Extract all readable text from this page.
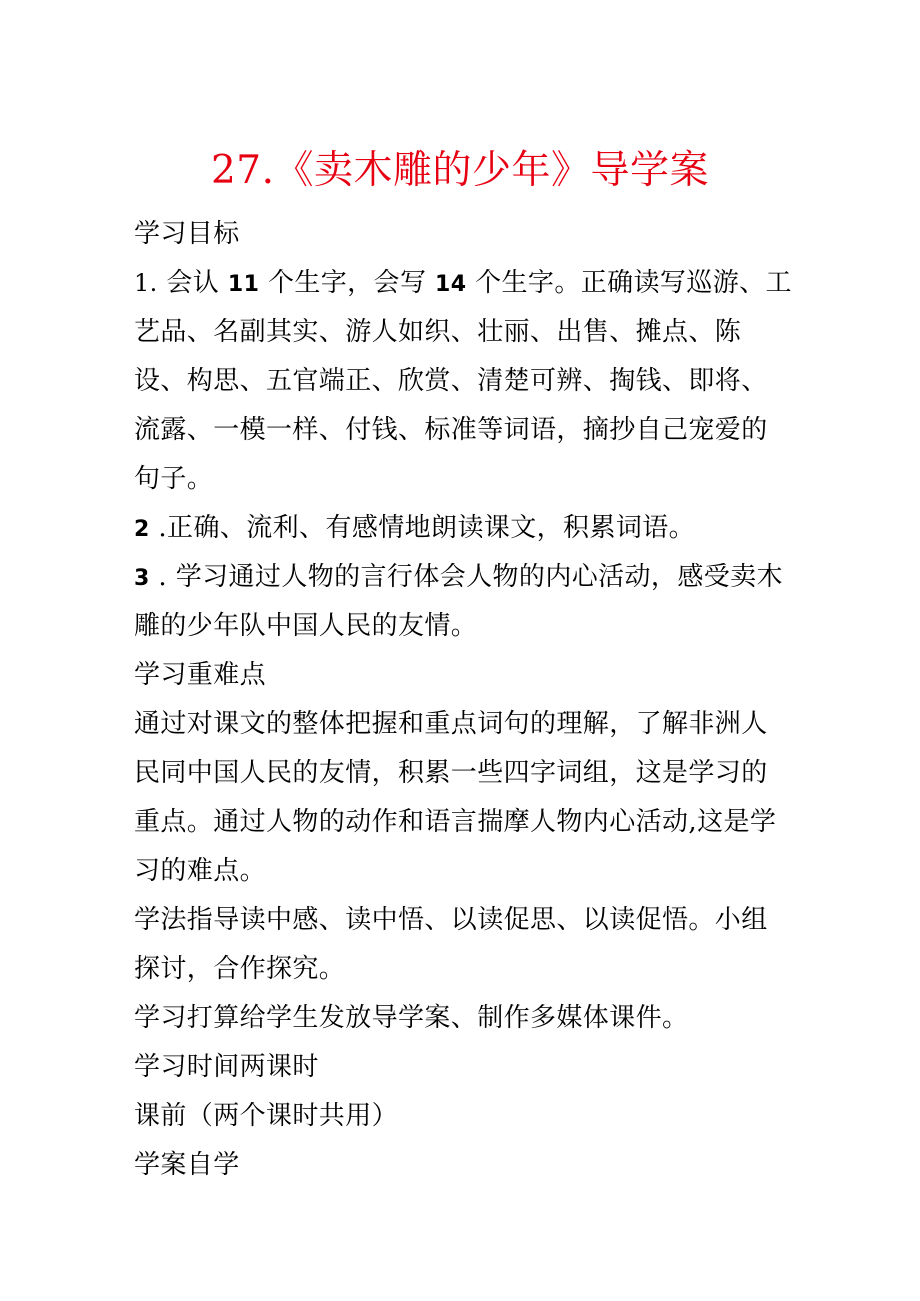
27.《卖木雕的少年》导学案
学习目标
1. 会认 11 个生字，会写 14 个生字。正确读写巡游、工
艺品、名副其实、游人如织、壮丽、出售、摊点、陈
设、构思、五官端正、欣赏、清楚可辨、掏钱、即将、
流露、一模一样、付钱、标准等词语，摘抄自己宠爱的
句子。
2 .正确、流利、有感情地朗读课文，积累词语。
3 . 学习通过人物的言行体会人物的内心活动，感受卖木
雕的少年队中国人民的友情。
学习重难点
通过对课文的整体把握和重点词句的理解，了解非洲人
民同中国人民的友情，积累一些四字词组，这是学习的
重点。通过人物的动作和语言揣摩人物内心活动,这是学
习的难点。
学法指导读中感、读中悟、以读促思、以读促悟。小组
探讨，合作探究。
学习打算给学生发放导学案、制作多媒体课件。
学习时间两课时
课前（两个课时共用）
学案自学
